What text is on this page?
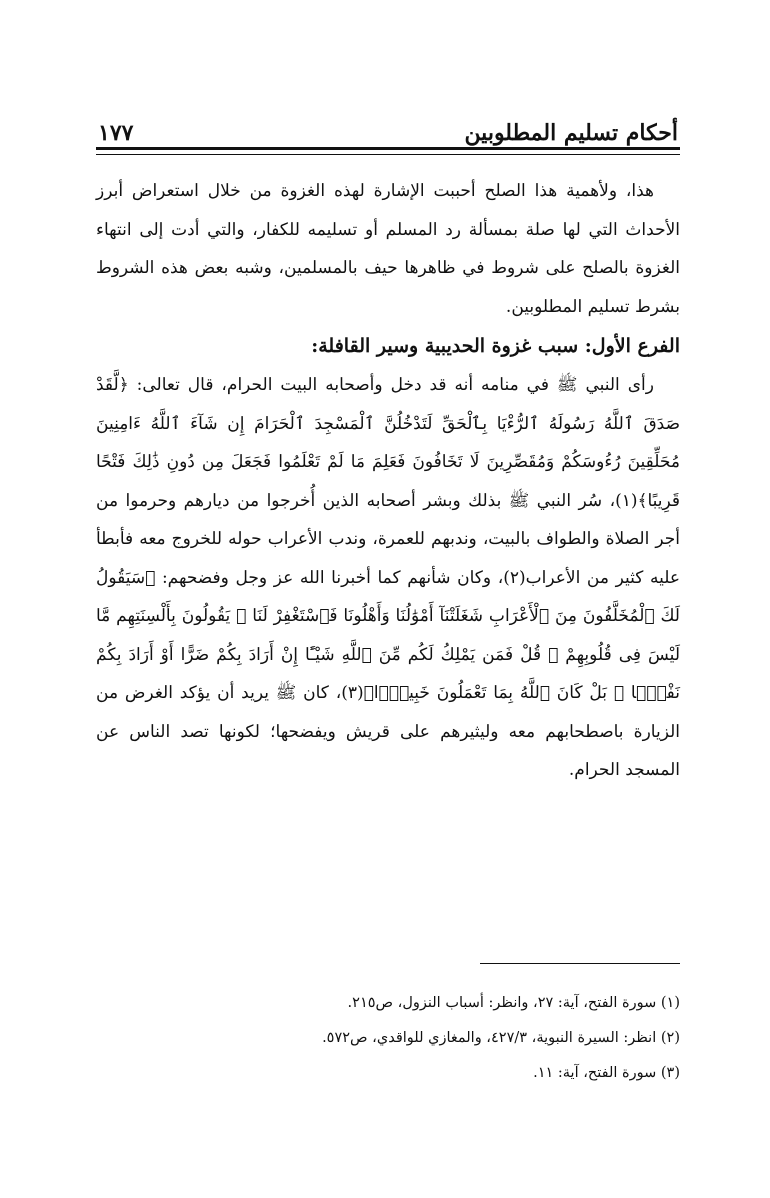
أحكام تسليم المطلوبين
١٧٧

هذا، ولأهمية هذا الصلح أحببت الإشارة لهذه الغزوة من خلال استعراض أبرز الأحداث التي لها صلة بمسألة رد المسلم أو تسليمه للكفار، والتي أدت إلى انتهاء الغزوة بالصلح على شروط في ظاهرها حيف بالمسلمين، وشبه بعض هذه الشروط بشرط تسليم المطلوبين.

الفرع الأول: سبب غزوة الحديبية وسير القافلة:

رأى النبي ﷺ في منامه أنه قد دخل وأصحابه البيت الحرام، قال تعالى: ﴿لَّقَدْ صَدَقَ ٱللَّهُ رَسُولَهُ ٱلرُّءْيَا بِٱلْحَقِّ لَتَدْخُلُنَّ ٱلْمَسْجِدَ ٱلْحَرَامَ إِن شَآءَ ٱللَّهُ ءَامِنِينَ مُحَلِّقِينَ رُءُوسَكُمْ وَمُقَصِّرِينَ لَا تَخَافُونَ فَعَلِمَ مَا لَمْ تَعْلَمُوا فَجَعَلَ مِن دُونِ ذَٰلِكَ فَتْحًا قَرِيبًا﴾(١)، سُر النبي ﷺ بذلك وبشر أصحابه الذين أُخرجوا من ديارهم وحرموا من أجر الصلاة والطواف بالبيت، وندبهم للعمرة، وندب الأعراب حوله للخروج معه فأبطأ عليه كثير من الأعراب(٢)، وكان شأنهم كما أخبرنا الله عز وجل وفضحهم: ﴿سَيَقُولُ لَكَ ٱلْمُخَلَّفُونَ مِنَ ٱلْأَعْرَابِ شَغَلَتْنَآ أَمْوَٰلُنَا وَأَهْلُونَا فَٱسْتَغْفِرْ لَنَا ۚ يَقُولُونَ بِأَلْسِنَتِهِم مَّا لَيْسَ فِى قُلُوبِهِمْ ۚ قُلْ فَمَن يَمْلِكُ لَكُم مِّنَ ٱللَّهِ شَيْـًٔا إِنْ أَرَادَ بِكُمْ ضَرًّا أَوْ أَرَادَ بِكُمْ نَفْعًۢا ۚ بَلْ كَانَ ٱللَّهُ بِمَا تَعْمَلُونَ خَبِيرًۢا﴾(٣)، كان ﷺ يريد أن يؤكد الغرض من الزيارة باصطحابهم معه وليثيرهم على قريش ويفضحها؛ لكونها تصد الناس عن المسجد الحرام.

(١) سورة الفتح، آية: ٢٧، وانظر: أسباب النزول، ص٢١٥.

(٢) انظر: السيرة النبوية، ٤٢٧/٣، والمغازي للواقدي، ص٥٧٢.

(٣) سورة الفتح، آية: ١١.
